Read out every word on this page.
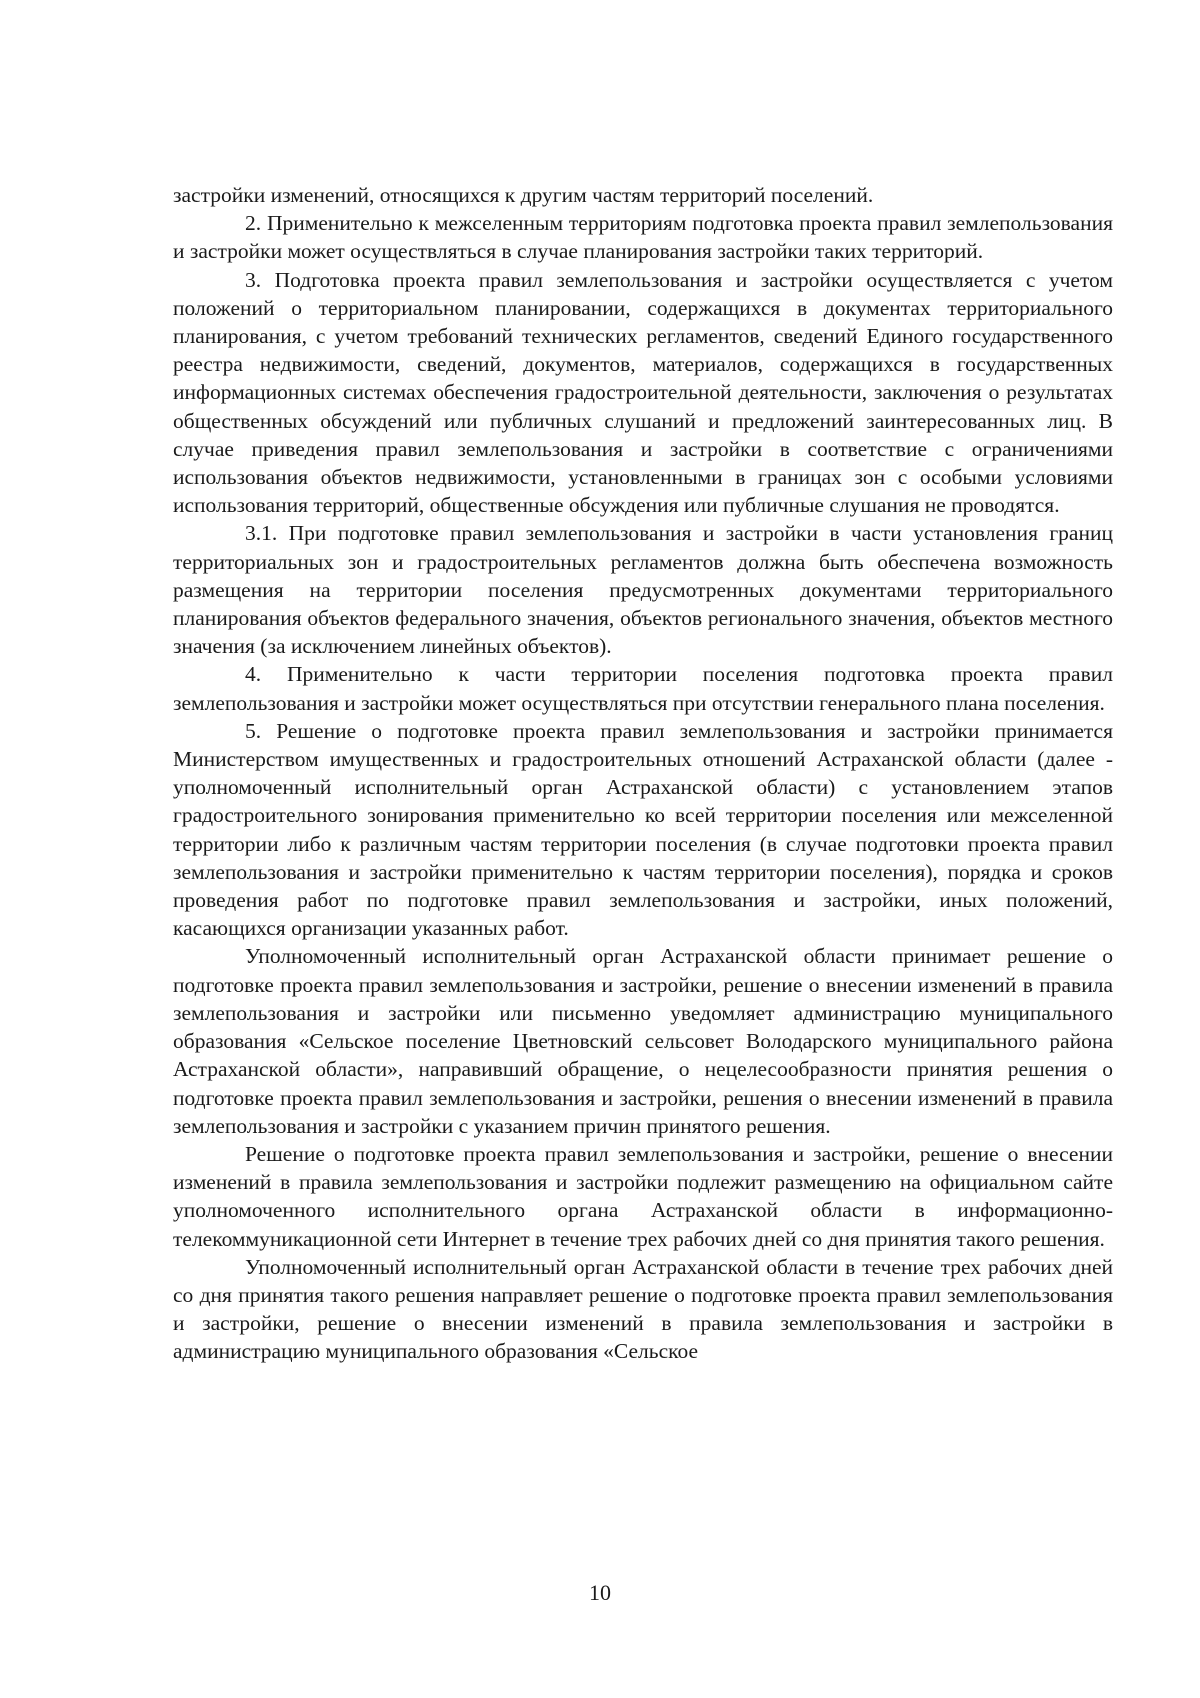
застройки изменений, относящихся к другим частям территорий поселений.

2. Применительно к межселенным территориям подготовка проекта правил землепользования и застройки может осуществляться в случае планирования застройки таких территорий.

3. Подготовка проекта правил землепользования и застройки осуществляется с учетом положений о территориальном планировании, содержащихся в документах территориального планирования, с учетом требований технических регламентов, сведений Единого государственного реестра недвижимости, сведений, документов, материалов, содержащихся в государственных информационных системах обеспечения градостроительной деятельности, заключения о результатах общественных обсуждений или публичных слушаний и предложений заинтересованных лиц. В случае приведения правил землепользования и застройки в соответствие с ограничениями использования объектов недвижимости, установленными в границах зон с особыми условиями использования территорий, общественные обсуждения или публичные слушания не проводятся.

3.1. При подготовке правил землепользования и застройки в части установления границ территориальных зон и градостроительных регламентов должна быть обеспечена возможность размещения на территории поселения предусмотренных документами территориального планирования объектов федерального значения, объектов регионального значения, объектов местного значения (за исключением линейных объектов).

4. Применительно к части территории поселения подготовка проекта правил землепользования и застройки может осуществляться при отсутствии генерального плана поселения.

5. Решение о подготовке проекта правил землепользования и застройки принимается Министерством имущественных и градостроительных отношений Астраханской области (далее - уполномоченный исполнительный орган Астраханской области) с установлением этапов градостроительного зонирования применительно ко всей территории поселения или межселенной территории либо к различным частям территории поселения (в случае подготовки проекта правил землепользования и застройки применительно к частям территории поселения), порядка и сроков проведения работ по подготовке правил землепользования и застройки, иных положений, касающихся организации указанных работ.

Уполномоченный исполнительный орган Астраханской области принимает решение о подготовке проекта правил землепользования и застройки, решение о внесении изменений в правила землепользования и застройки или письменно уведомляет администрацию муниципального образования «Сельское поселение Цветновский сельсовет Володарского муниципального района Астраханской области», направивший обращение, о нецелесообразности принятия решения о подготовке проекта правил землепользования и застройки, решения о внесении изменений в правила землепользования и застройки с указанием причин принятого решения.

Решение о подготовке проекта правил землепользования и застройки, решение о внесении изменений в правила землепользования и застройки подлежит размещению на официальном сайте уполномоченного исполнительного органа Астраханской области в информационно-телекоммуникационной сети Интернет в течение трех рабочих дней со дня принятия такого решения.

Уполномоченный исполнительный орган Астраханской области в течение трех рабочих дней со дня принятия такого решения направляет решение о подготовке проекта правил землепользования и застройки, решение о внесении изменений в правила землепользования и застройки в администрацию муниципального образования «Сельское

10
